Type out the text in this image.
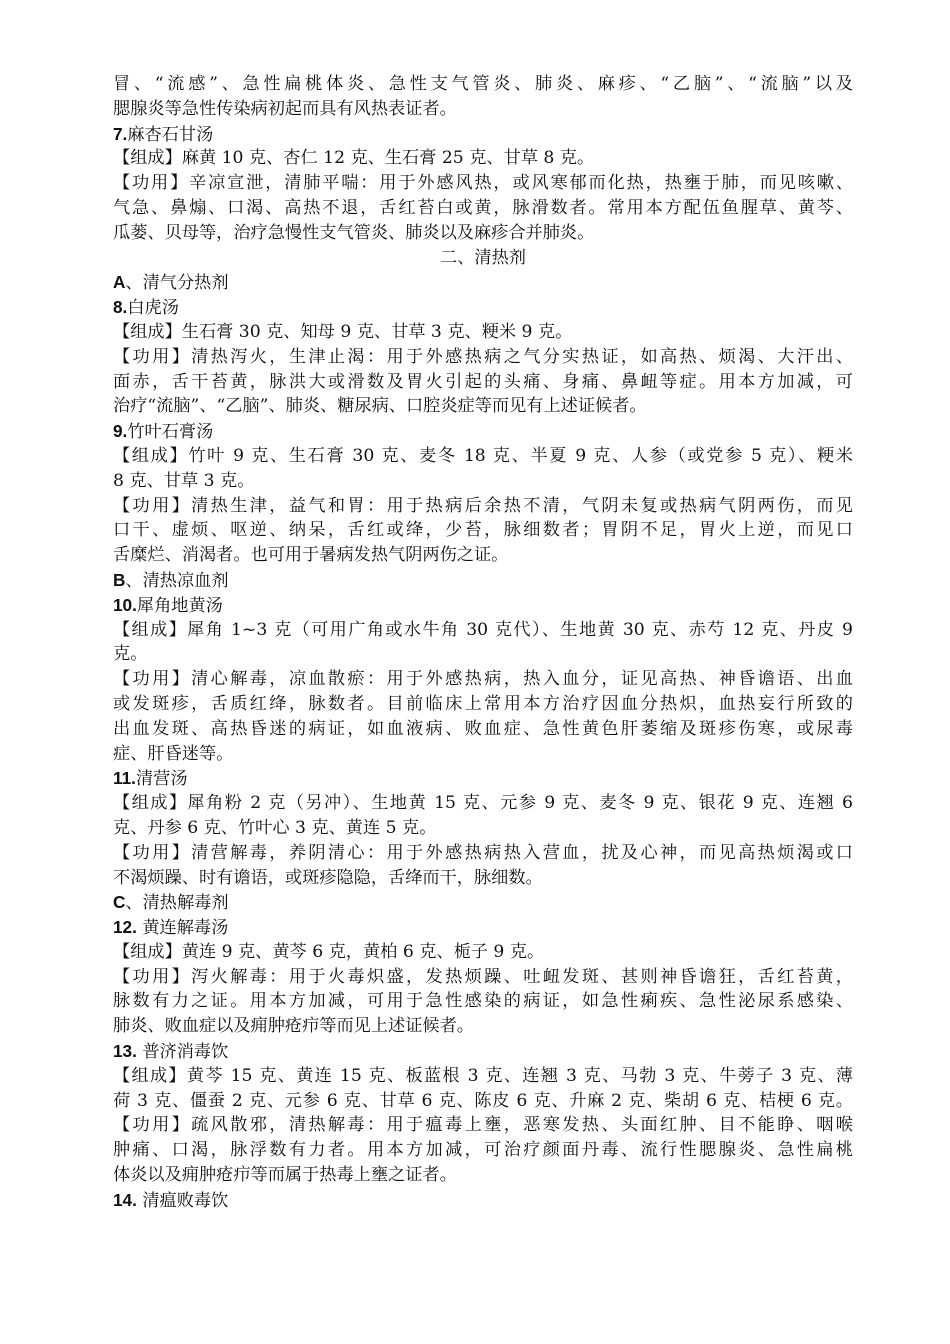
冒、“流感”、急性扁桃体炎、急性支气管炎、肺炎、麻疹、“乙脑”、“流脑”以及
腮腺炎等急性传染病初起而具有风热表证者。
7.麻杏石甘汤
【组成】麻黄 10 克、杏仁 12 克、生石膏 25 克、甘草 8 克。
【功用】辛凉宣泄，清肺平喘：用于外感风热，或风寒郁而化热，热壅于肺，而见咳嗽、
气急、鼻煽、口渴、高热不退，舌红苔白或黄，脉滑数者。常用本方配伍鱼腥草、黄芩、
瓜蒌、贝母等，治疗急慢性支气管炎、肺炎以及麻疹合并肺炎。
二、清热剂
A、清气分热剂
8.白虎汤
【组成】生石膏 30 克、知母 9 克、甘草 3 克、粳米 9 克。
【功用】清热泻火，生津止渴：用于外感热病之气分实热证，如高热、烦渴、大汗出、
面赤，舌干苔黄，脉洪大或滑数及胃火引起的头痛、身痛、鼻衄等症。用本方加减，可
治疗“流脑”、“乙脑”、肺炎、糖尿病、口腔炎症等而见有上述证候者。
9.竹叶石膏汤
【组成】竹叶 9 克、生石膏 30 克、麦冬 18 克、半夏 9 克、人参（或党参 5 克）、粳米
8 克、甘草 3 克。
【功用】清热生津，益气和胃：用于热病后余热不清，气阴未复或热病气阴两伤，而见
口干、虚烦、呕逆、纳呆，舌红或绛，少苔，脉细数者；胃阴不足，胃火上逆，而见口
舌糜烂、消渴者。也可用于暑病发热气阴两伤之证。
B、清热凉血剂
10.犀角地黄汤
【组成】犀角 1~3 克（可用广角或水牛角 30 克代）、生地黄 30 克、赤芍 12 克、丹皮 9
克。
【功用】清心解毒，凉血散瘀：用于外感热病，热入血分，证见高热、神昏谵语、出血
或发斑疹，舌质红绛，脉数者。目前临床上常用本方治疗因血分热炽，血热妄行所致的
出血发斑、高热昏迷的病证，如血液病、败血症、急性黄色肝萎缩及斑疹伤寒，或尿毒
症、肝昏迷等。
11.清营汤
【组成】犀角粉 2 克（另冲）、生地黄 15 克、元参 9 克、麦冬 9 克、银花 9 克、连翘 6
克、丹参 6 克、竹叶心 3 克、黄连 5 克。
【功用】清营解毒，养阴清心：用于外感热病热入营血，扰及心神，而见高热烦渴或口
不渴烦躁、时有谵语，或斑疹隐隐，舌绛而干，脉细数。
C、清热解毒剂
12. 黄连解毒汤
【组成】黄连 9 克、黄芩 6 克，黄柏 6 克、栀子 9 克。
【功用】泻火解毒：用于火毒炽盛，发热烦躁、吐衄发斑、甚则神昏谵狂，舌红苔黄，
脉数有力之证。用本方加减，可用于急性感染的病证，如急性痢疾、急性泌尿系感染、
肺炎、败血症以及痈肿疮疖等而见上述证候者。
13. 普济消毒饮
【组成】黄芩 15 克、黄连 15 克、板蓝根 3 克、连翘 3 克、马勃 3 克、牛蒡子 3 克、薄
荷 3 克、僵蚕 2 克、元参 6 克、甘草 6 克、陈皮 6 克、升麻 2 克、柴胡 6 克、桔梗 6 克。
【功用】疏风散邪，清热解毒：用于瘟毒上壅，恶寒发热、头面红肿、目不能睁、咽喉
肿痛、口渴，脉浮数有力者。用本方加减，可治疗颜面丹毒、流行性腮腺炎、急性扁桃
体炎以及痈肿疮疖等而属于热毒上壅之证者。
14. 清瘟败毒饮
